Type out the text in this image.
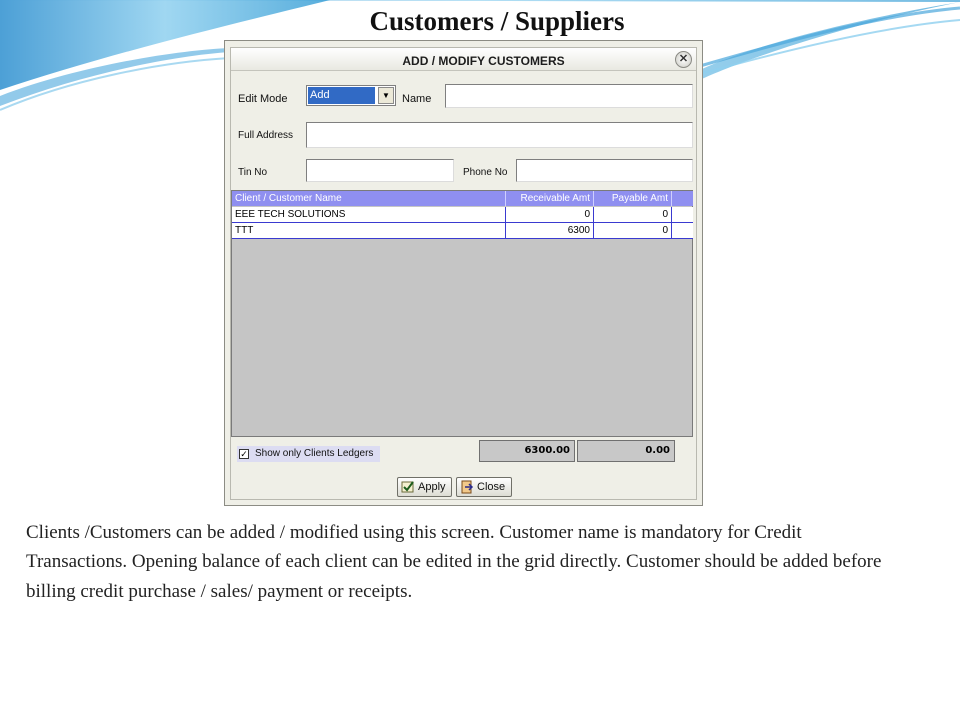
Customers / Suppliers
ADD / MODIFY CUSTOMERS	✕
Edit Mode Add	▼	Name
Full Address
Tin No	Phone No
Client / Customer Name	Receivable Amt	Payable Amt
EEE TECH SOLUTIONS	0	0
TTT	6300	0
✓ Show only Clients Ledgers	6300.00	0.00
Apply	Close
Clients /Customers can be added / modified using this screen. Customer name is mandatory for Credit Transactions. Opening balance of each client can be edited in the grid directly. Customer should be added before billing credit purchase / sales/ payment or receipts.
